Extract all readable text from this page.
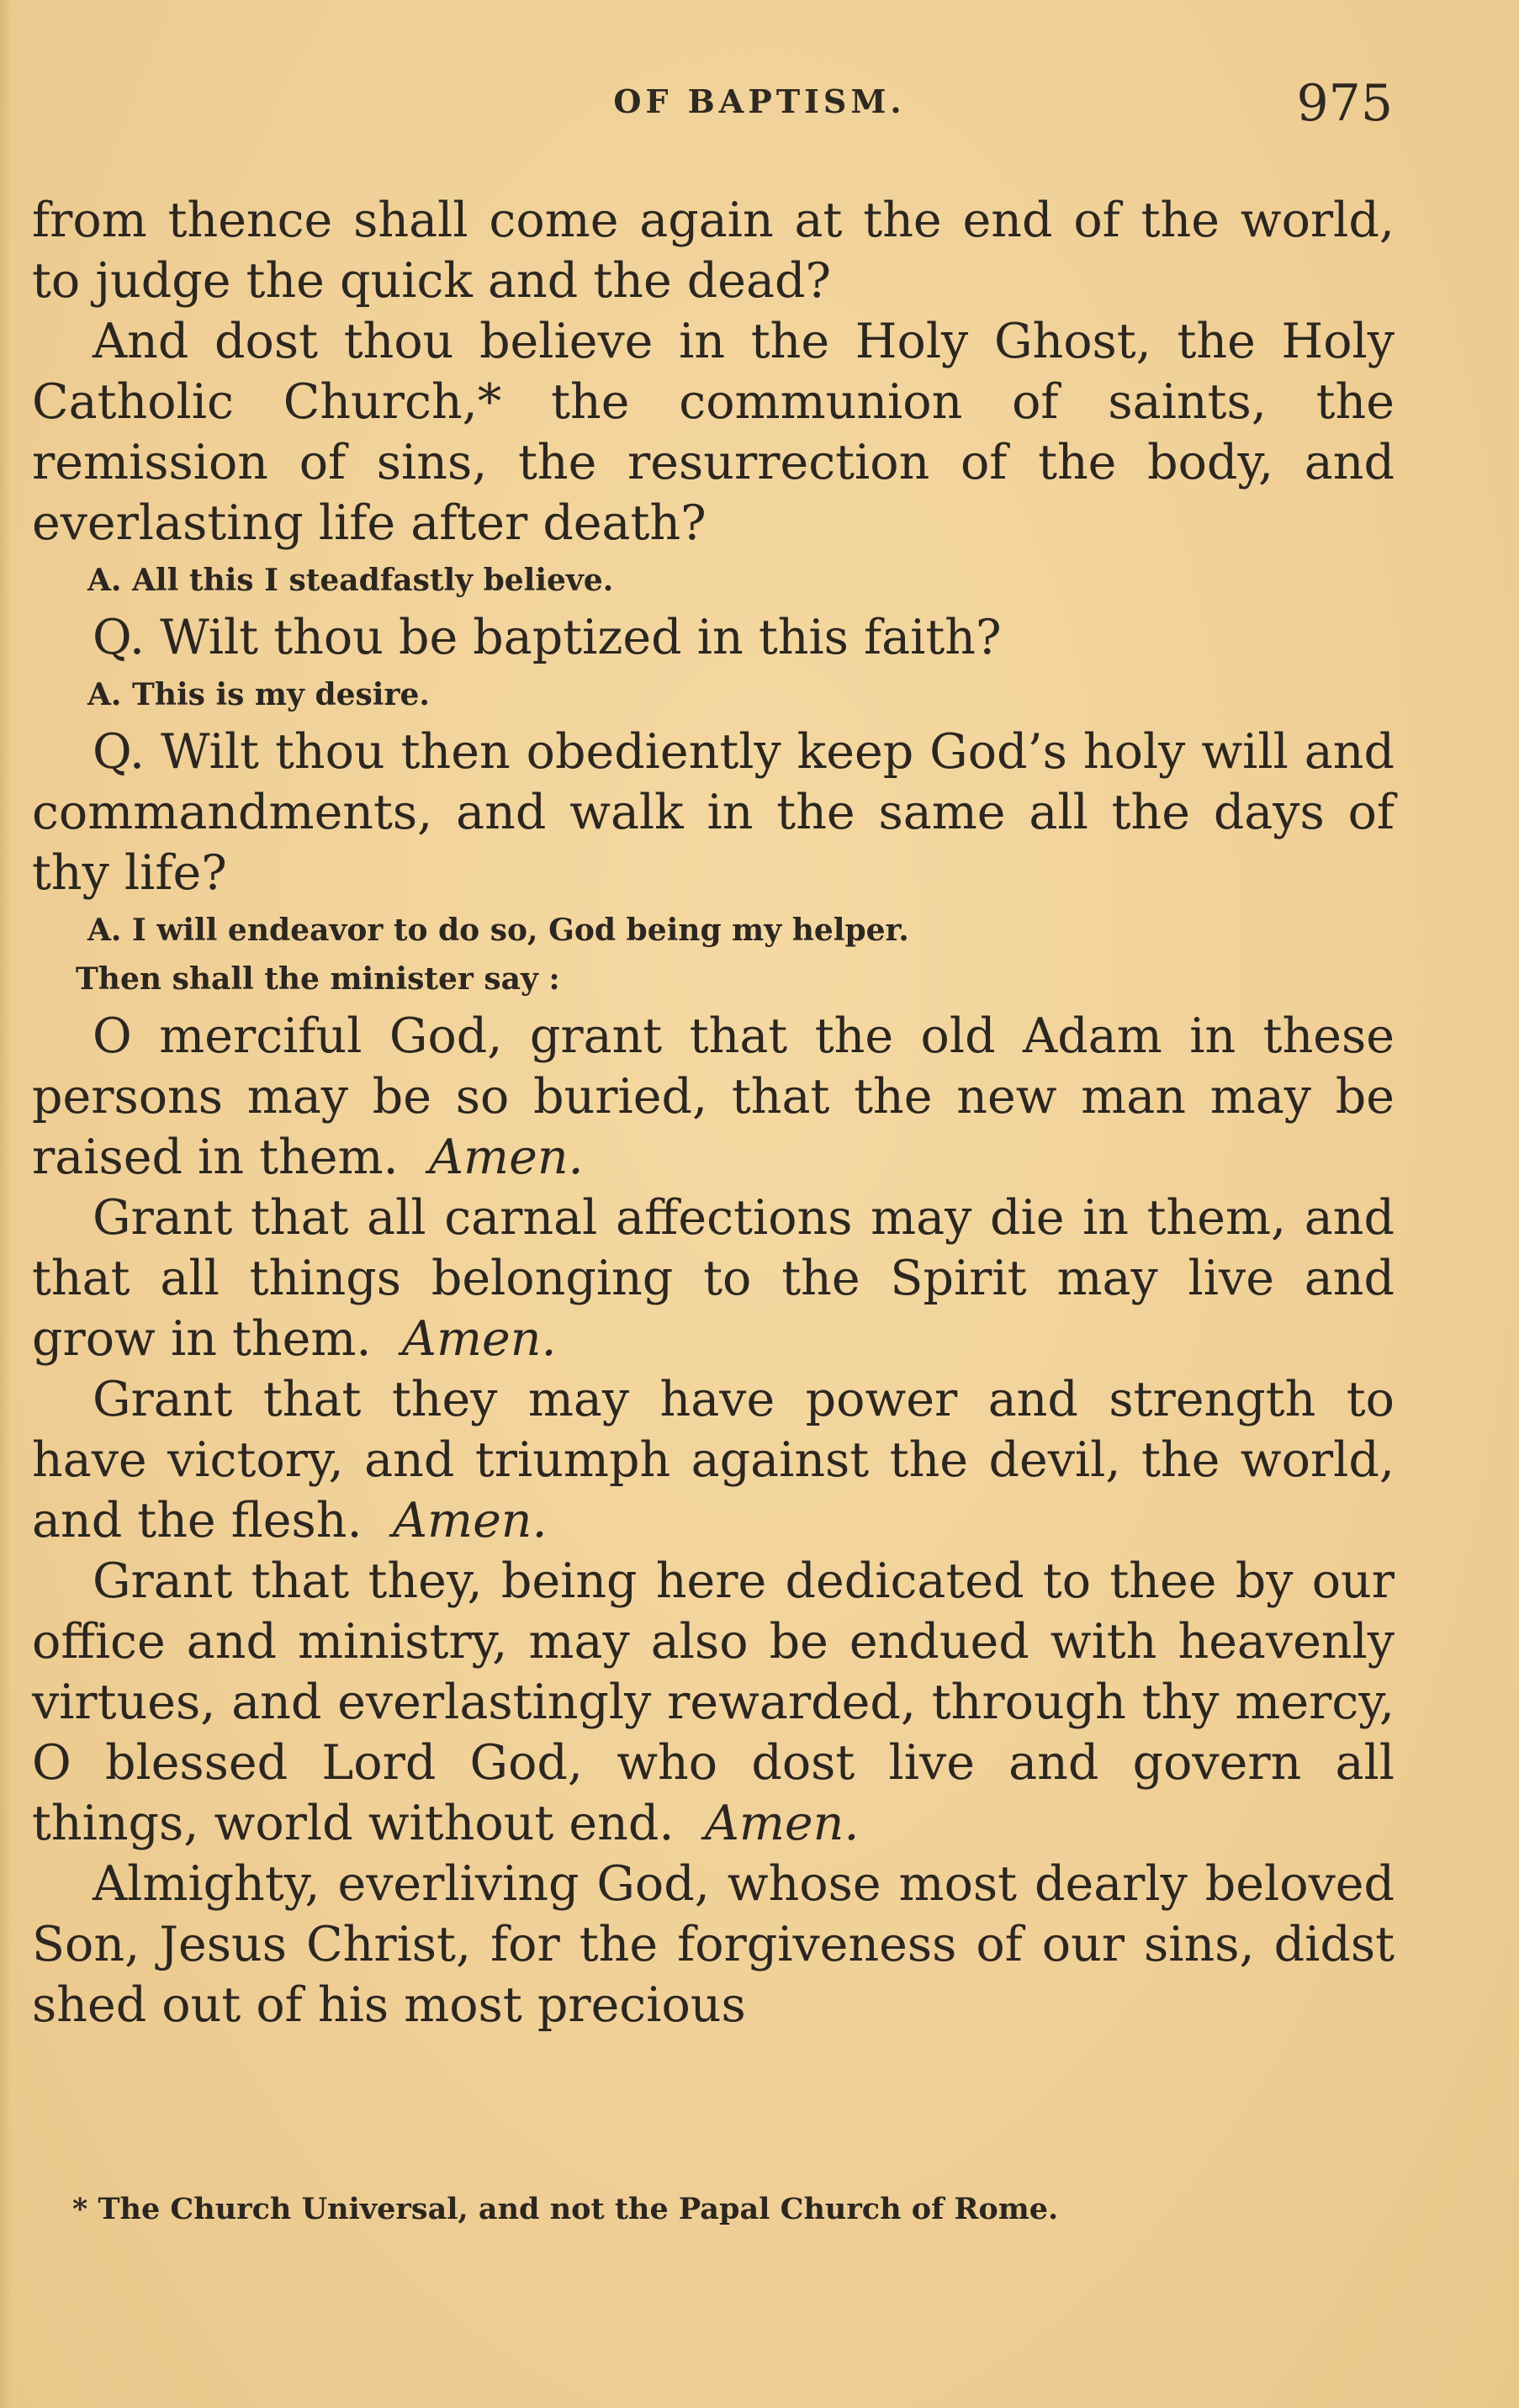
OF BAPTISM.	975

from thence shall come again at the end of the world, to judge the quick and the dead?

And dost thou believe in the Holy Ghost, the Holy Catholic Church,* the communion of saints, the remission of sins, the resurrection of the body, and everlasting life after death?

A. All this I steadfastly believe.

Q. Wilt thou be baptized in this faith?

A. This is my desire.

Q. Wilt thou then obediently keep God’s holy will and commandments, and walk in the same all the days of thy life?

A. I will endeavor to do so, God being my helper.
Then shall the minister say :

O merciful God, grant that the old Adam in these persons may be so buried, that the new man may be raised in them. Amen.

Grant that all carnal affections may die in them, and that all things belonging to the Spirit may live and grow in them. Amen.

Grant that they may have power and strength to have victory, and triumph against the devil, the world, and the flesh. Amen.

Grant that they, being here dedicated to thee by our office and ministry, may also be endued with heavenly virtues, and everlastingly rewarded, through thy mercy, O blessed Lord God, who dost live and govern all things, world without end. Amen.

Almighty, everliving God, whose most dearly beloved Son, Jesus Christ, for the forgiveness of our sins, didst shed out of his most precious

* The Church Universal, and not the Papal Church of Rome.
